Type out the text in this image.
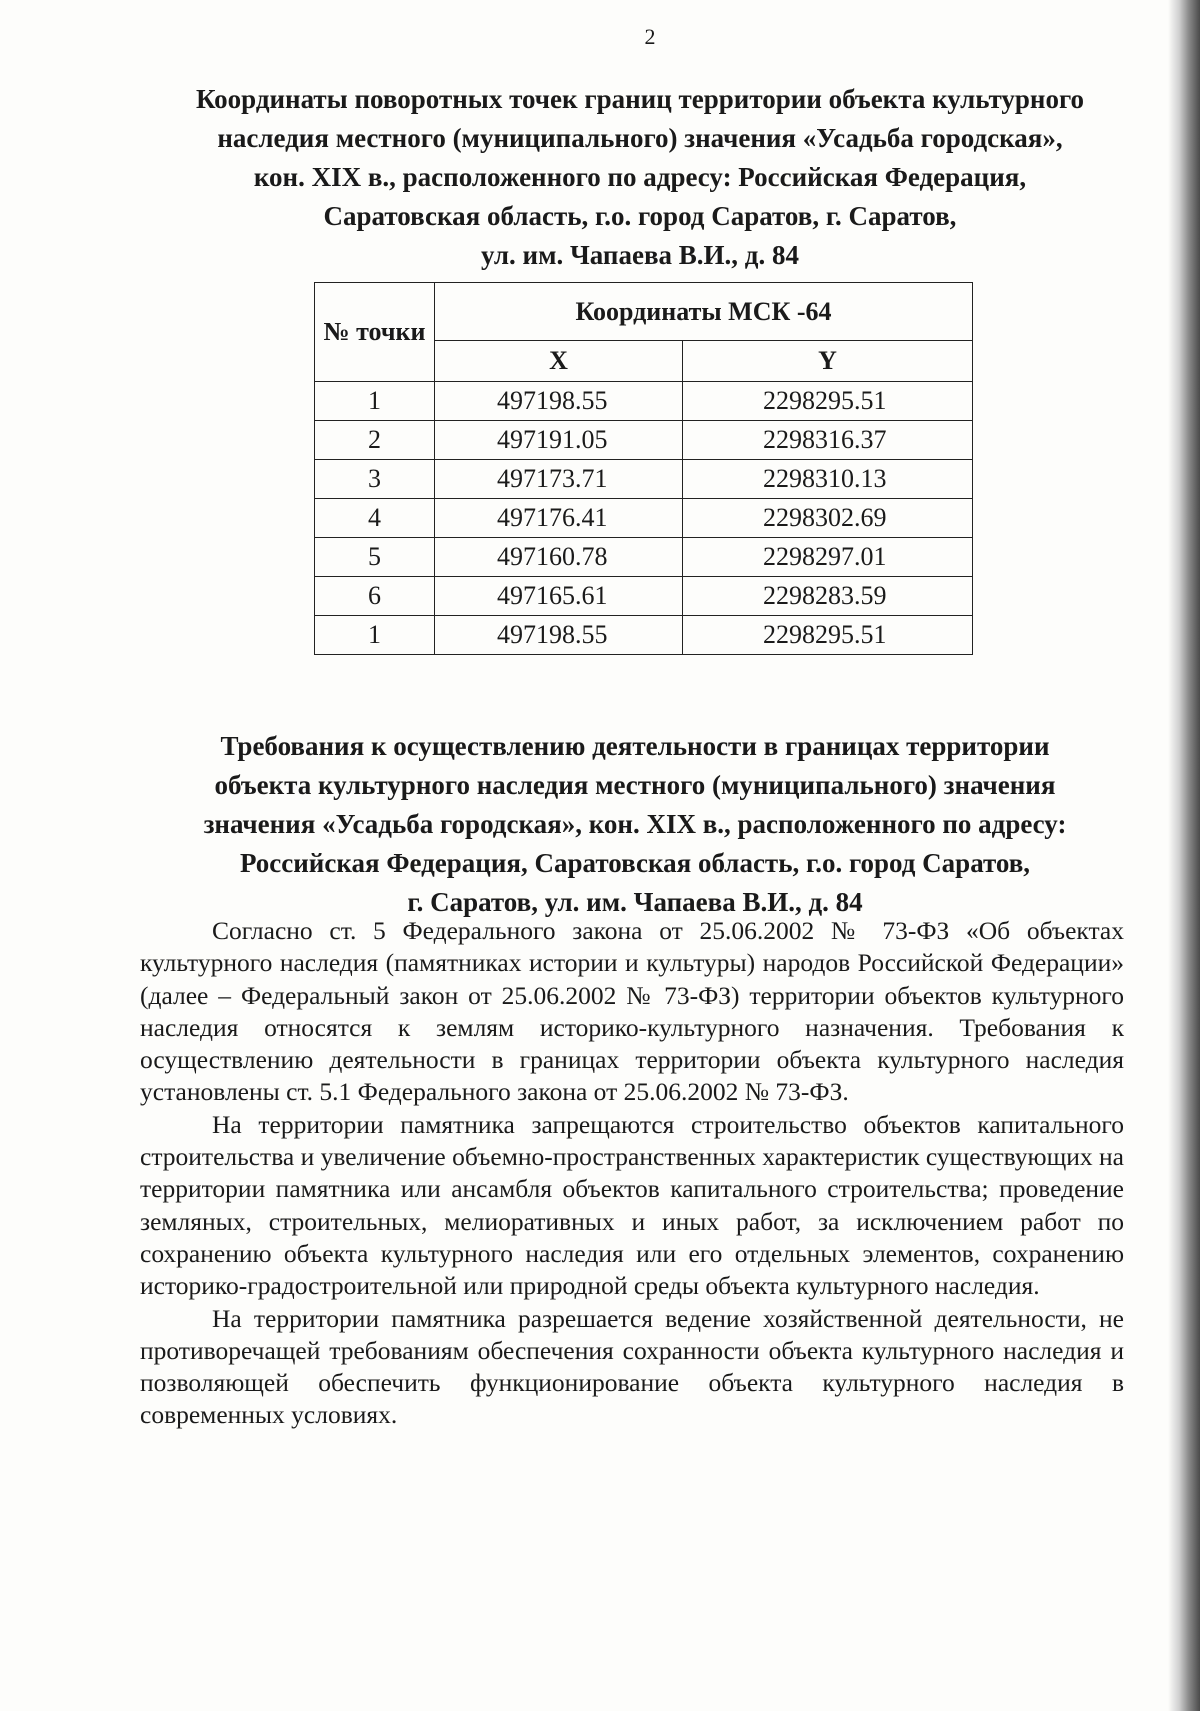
2
Координаты поворотных точек границ территории объекта культурного
наследия местного (муниципального) значения «Усадьба городская»,
кон. XIX в., расположенного по адресу: Российская Федерация,
Саратовская область, г.о. город Саратов, г. Саратов,
ул. им. Чапаева В.И., д. 84
№ точки	Координаты МСК -64	
	X	Y
1	497198.55	2298295.51
2	497191.05	2298316.37
3	497173.71	2298310.13
4	497176.41	2298302.69
5	497160.78	2298297.01
6	497165.61	2298283.59
1	497198.55	2298295.51
Требования к осуществлению деятельности в границах территории
объекта культурного наследия местного (муниципального) значения
значения «Усадьба городская», кон. XIX в., расположенного по адресу:
Российская Федерация, Саратовская область, г.о. город Саратов,
г. Саратов, ул. им. Чапаева В.И., д. 84

Согласно ст. 5 Федерального закона от 25.06.2002 № 73-ФЗ «Об объектах культурного наследия (памятниках истории и культуры) народов Российской Федерации» (далее – Федеральный закон от 25.06.2002 № 73-ФЗ) территории объектов культурного наследия относятся к землям историко-культурного назначения. Требования к осуществлению деятельности в границах территории объекта культурного наследия установлены ст. 5.1 Федерального закона от 25.06.2002 № 73-ФЗ.

На территории памятника запрещаются строительство объектов капитального строительства и увеличение объемно-пространственных характеристик существующих на территории памятника или ансамбля объектов капитального строительства; проведение земляных, строительных, мелиоративных и иных работ, за исключением работ по сохранению объекта культурного наследия или его отдельных элементов, сохранению историко-градостроительной или природной среды объекта культурного наследия.

На территории памятника разрешается ведение хозяйственной деятельности, не противоречащей требованиям обеспечения сохранности объекта культурного наследия и позволяющей обеспечить функционирование объекта культурного наследия в современных условиях.
